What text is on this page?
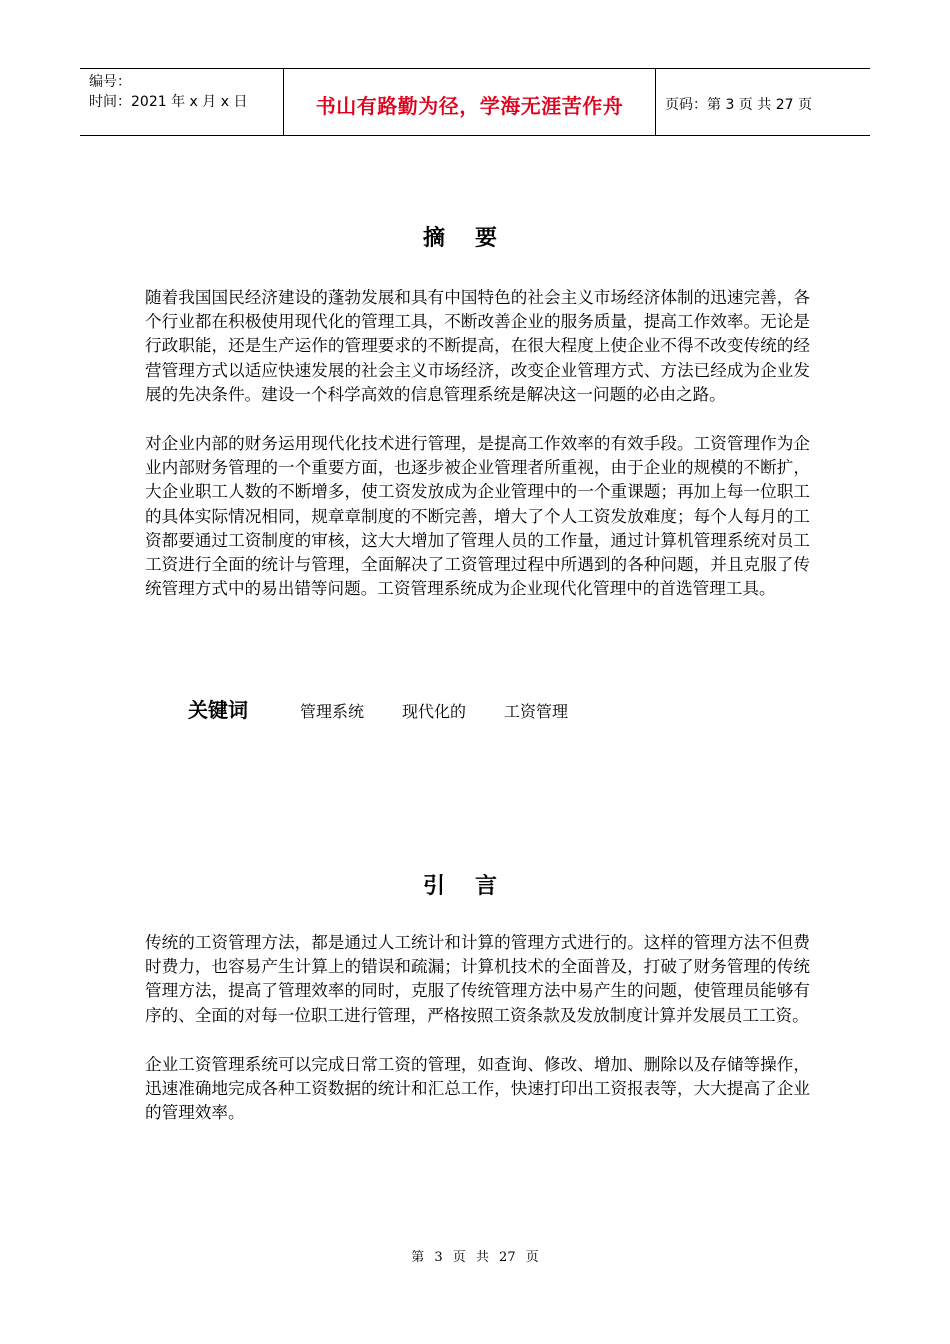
编号：
时间：2021 年 x 月 x 日	书山有路勤为径，学海无涯苦作舟	页码：第 3 页 共 27 页
摘要

随着我国国民经济建设的蓬勃发展和具有中国特色的社会主义市场经济体制的迅速完善，各个行业都在积极使用现代化的管理工具，不断改善企业的服务质量，提高工作效率。无论是行政职能，还是生产运作的管理要求的不断提高，在很大程度上使企业不得不改变传统的经营管理方式以适应快速发展的社会主义市场经济，改变企业管理方式、方法已经成为企业发展的先决条件。建设一个科学高效的信息管理系统是解决这一问题的必由之路。

对企业内部的财务运用现代化技术进行管理，是提高工作效率的有效手段。工资管理作为企业内部财务管理的一个重要方面，也逐步被企业管理者所重视，由于企业的规模的不断扩，大企业职工人数的不断增多，使工资发放成为企业管理中的一个重课题；再加上每一位职工的具体实际情况相同，规章章制度的不断完善，增大了个人工资发放难度；每个人每月的工资都要通过工资制度的审核，这大大增加了管理人员的工作量，通过计算机管理系统对员工工资进行全面的统计与管理，全面解决了工资管理过程中所遇到的各种问题，并且克服了传统管理方式中的易出错等问题。工资管理系统成为企业现代化管理中的首选管理工具。

关键词	管理系统 现代化的 工资管理
引言

传统的工资管理方法，都是通过人工统计和计算的管理方式进行的。这样的管理方法不但费时费力，也容易产生计算上的错误和疏漏；计算机技术的全面普及，打破了财务管理的传统管理方法，提高了管理效率的同时，克服了传统管理方法中易产生的问题，使管理员能够有序的、全面的对每一位职工进行管理，严格按照工资条款及发放制度计算并发展员工工资。

企业工资管理系统可以完成日常工资的管理，如查询、修改、增加、删除以及存储等操作，迅速准确地完成各种工资数据的统计和汇总工作，快速打印出工资报表等，大大提高了企业的管理效率。

第 3 页 共 27 页
